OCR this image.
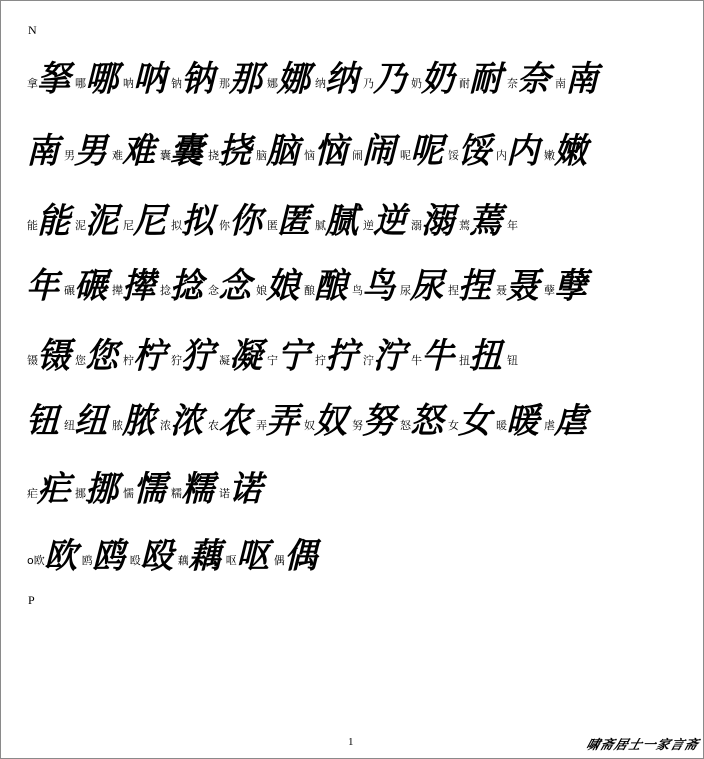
N
拿
拏
哪
哪
呐
呐
钠
钠
那
那
娜
娜
纳
纳
乃
乃
奶
奶
耐
耐
奈
奈
南
南
南
男
男
难
难
囊
囊
挠
挠
脑
脑
恼
恼
闹
闹
呢
呢
馁
馁
内
内
嫩
嫩
能
能
泥
泥
尼
尼
拟
拟
你
你
匿
匿
腻
腻
逆
逆
溺
溺
蔫
蔫
年
年
碾
碾
撵
撵
捻
捻
念
念
娘
娘
酿
酿
鸟
鸟
尿
尿
捏
捏
聂
聂
孽
孽
镊
镊
您
您
柠
柠
狞
狞
凝
凝
宁
宁
拧
拧
泞
泞
牛
牛
扭
扭
钮
钮
纽
纽
脓
脓
浓
浓
农
农
弄
弄
奴
奴
努
努
怒
怒
女
女
暖
暖
虐
虐
疟
疟
挪
挪
懦
懦
糯
糯
诺
诺
o欧
欧
鸥
鸥
殴
殴
藕
藕
呕
呕
偶
偶
P
1	啸斋居士一家言斋
